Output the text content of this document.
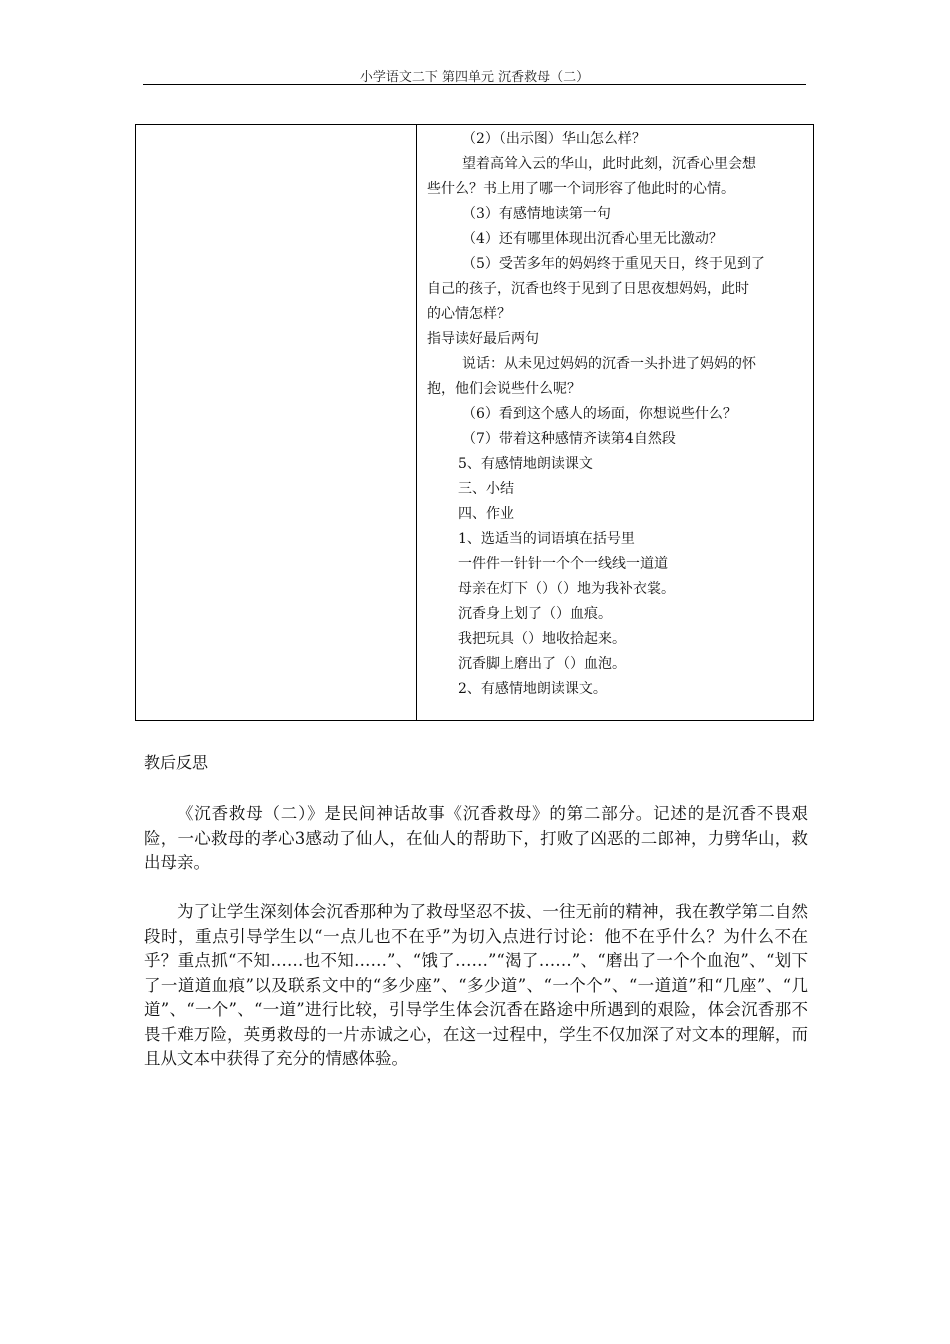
小学语文二下 第四单元 沉香救母（二）
（2）（出示图）华山怎么样？
望着高耸入云的华山，此时此刻，沉香心里会想
些什么？书上用了哪一个词形容了他此时的心情。
（3）有感情地读第一句
（4）还有哪里体现出沉香心里无比激动？
（5）受苦多年的妈妈终于重见天日，终于见到了
自己的孩子，沉香也终于见到了日思夜想妈妈，此时
的心情怎样？
指导读好最后两句
说话：从未见过妈妈的沉香一头扑进了妈妈的怀
抱，他们会说些什么呢？
（6）看到这个感人的场面，你想说些什么？
（7）带着这种感情齐读第4自然段
5、有感情地朗读课文
三、小结
四、作业
1、选适当的词语填在括号里
一件件一针针一个个一线线一道道
母亲在灯下（）（）地为我补衣裳。
沉香身上划了（）血痕。
我把玩具（）地收拾起来。
沉香脚上磨出了（）血泡。
2、有感情地朗读课文。
教后反思

《沉香救母（二）》是民间神话故事《沉香救母》的第二部分。记述的是沉香不畏艰险，一心救母的孝心3感动了仙人，在仙人的帮助下，打败了凶恶的二郎神，力劈华山，救出母亲。

为了让学生深刻体会沉香那种为了救母坚忍不拔、一往无前的精神，我在教学第二自然段时，重点引导学生以“一点儿也不在乎”为切入点进行讨论：他不在乎什么？为什么不在乎？重点抓“不知……也不知……”、“饿了……”“渴了……”、“磨出了一个个血泡”、“划下了一道道血痕”以及联系文中的“多少座”、“多少道”、“一个个”、“一道道”和“几座”、“几道”、“一个”、“一道”进行比较，引导学生体会沉香在路途中所遇到的艰险，体会沉香那不畏千难万险，英勇救母的一片赤诚之心，在这一过程中，学生不仅加深了对文本的理解，而且从文本中获得了充分的情感体验。
